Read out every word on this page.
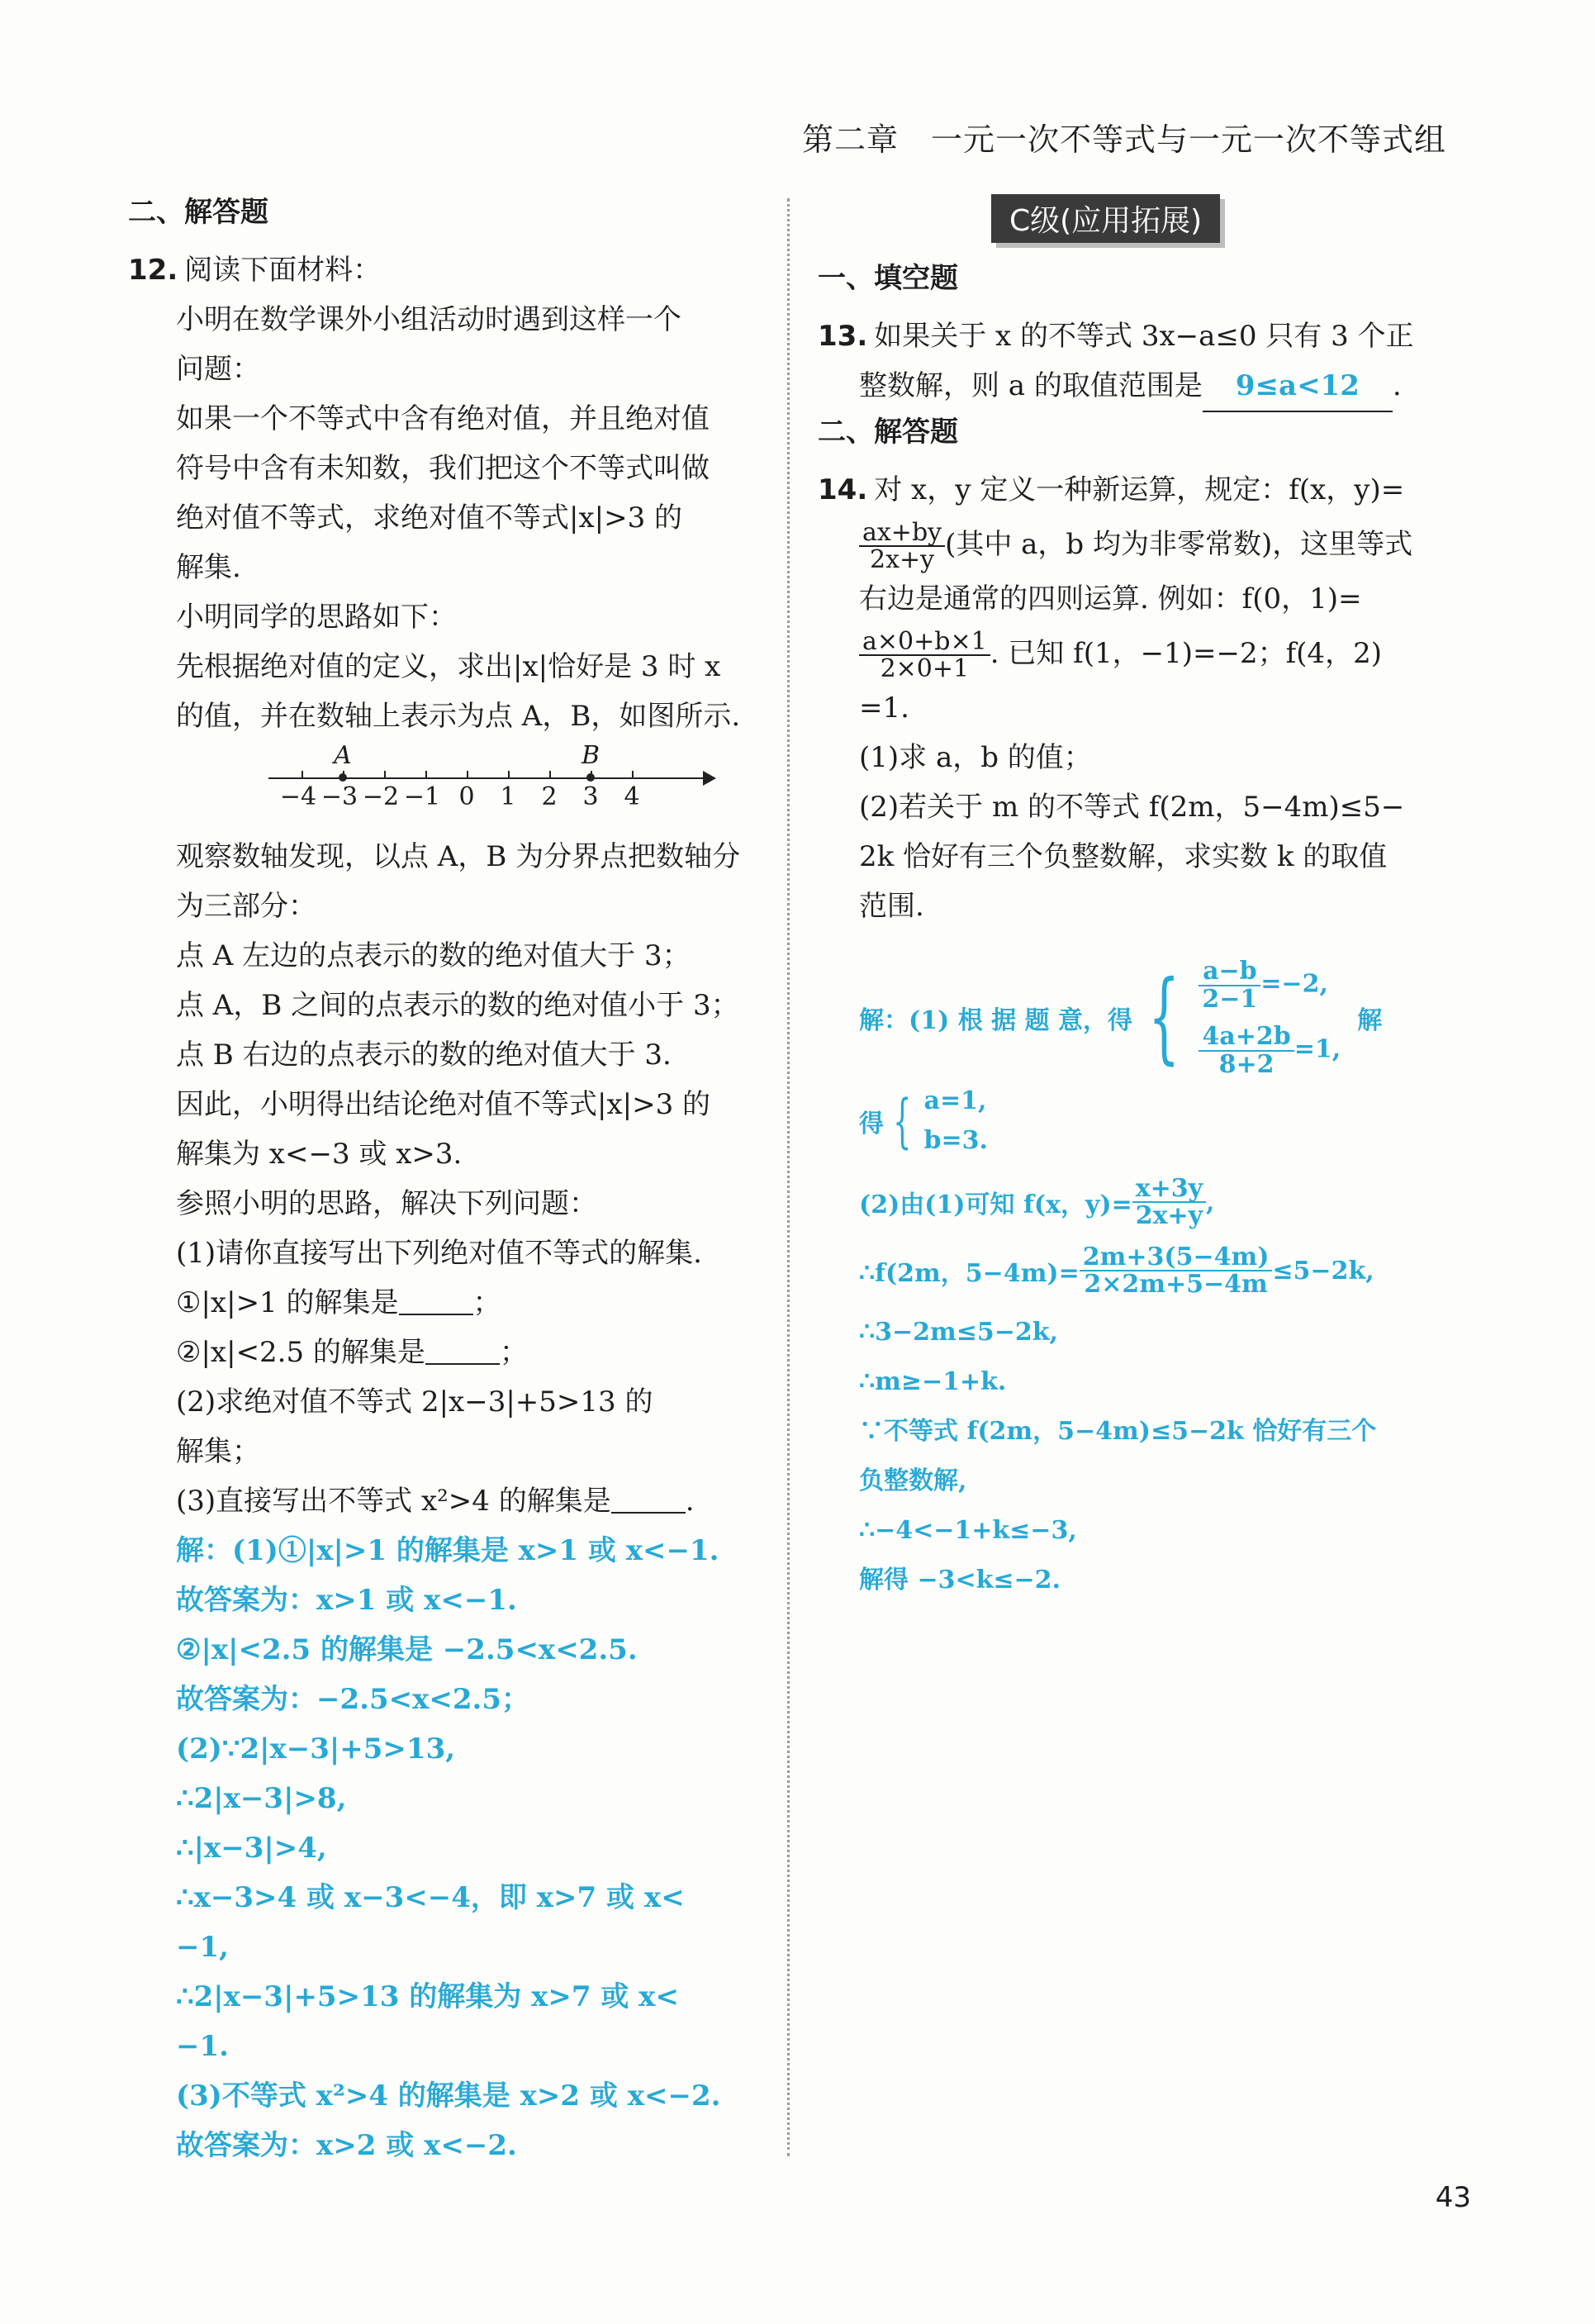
第二章　一元一次不等式与一元一次不等式组
二、解答题
12. 阅读下面材料：
小明在数学课外小组活动时遇到这样一个
问题：
如果一个不等式中含有绝对值，并且绝对值
符号中含有未知数，我们把这个不等式叫做
绝对值不等式，求绝对值不等式|x|>3 的
解集.
小明同学的思路如下：
先根据绝对值的定义，求出|x|恰好是 3 时 x
的值，并在数轴上表示为点 A，B，如图所示.
A	B
−4 −3 −2 −1 0 1 2 3 4
观察数轴发现，以点 A，B 为分界点把数轴分
为三部分：
点 A 左边的点表示的数的绝对值大于 3；
点 A，B 之间的点表示的数的绝对值小于 3；
点 B 右边的点表示的数的绝对值大于 3.
因此，小明得出结论绝对值不等式|x|>3 的
解集为 x<−3 或 x>3.
参照小明的思路，解决下列问题：
(1)请你直接写出下列绝对值不等式的解集.
①|x|>1 的解集是	；
②|x|<2.5 的解集是	；
(2)求绝对值不等式 2|x−3|+5>13 的
解集；
(3)直接写出不等式 x²>4 的解集是	.
解：(1)①|x|>1 的解集是 x>1 或 x<−1.
故答案为：x>1 或 x<−1.
②|x|<2.5 的解集是 −2.5<x<2.5.
故答案为：−2.5<x<2.5；
(2)∵2|x−3|+5>13,
∴2|x−3|>8,
∴|x−3|>4,
∴x−3>4 或 x−3<−4，即 x>7 或 x<
−1,
∴2|x−3|+5>13 的解集为 x>7 或 x<
−1.
(3)不等式 x²>4 的解集是 x>2 或 x<−2.
故答案为：x>2 或 x<−2.
C级(应用拓展)
一、填空题
13. 如果关于 x 的不等式 3x−a≤0 只有 3 个正
整数解，则 a 的取值范围是 9≤a<12 .
二、解答题
14. 对 x，y 定义一种新运算，规定：f(x，y)=
$\frac{ax+by}{2x+y}$ (其中 a，b 均为非零常数)，这里等式
右边是通常的四则运算. 例如：f(0，1)=
$\frac{a\times 0+b\times 1}{2\times 0+1}$ . 已知 f(1，−1)=−2；f(4，2)
=1.
(1)求 a，b 的值；
(2)若关于 m 的不等式 f(2m，5−4m)≤5−
2k 恰好有三个负整数解，求实数 k 的取值
范围.
解：(1) 根 据 题 意，得 { $\frac{a-b}{2-1} =-2$,
$\frac{4a+2b}{8+2} =1$,
解
得 { a=1,
b=3.
(2)由(1)可知 f(x，$y)= \frac{x+3y}{2x+y}$ ,
∴f(2m，$5-4m)= \frac{2m+3(5-4m)}{2\times 2m+5-4m} \le 5-2k$,
∴3−2m≤5−2k,
∴m≥−1+k.
∵不等式 f(2m，5−4m)≤5−2k 恰好有三个
负整数解,
∴−4<−1+k≤−3,
解得 −3<k≤−2.
43
